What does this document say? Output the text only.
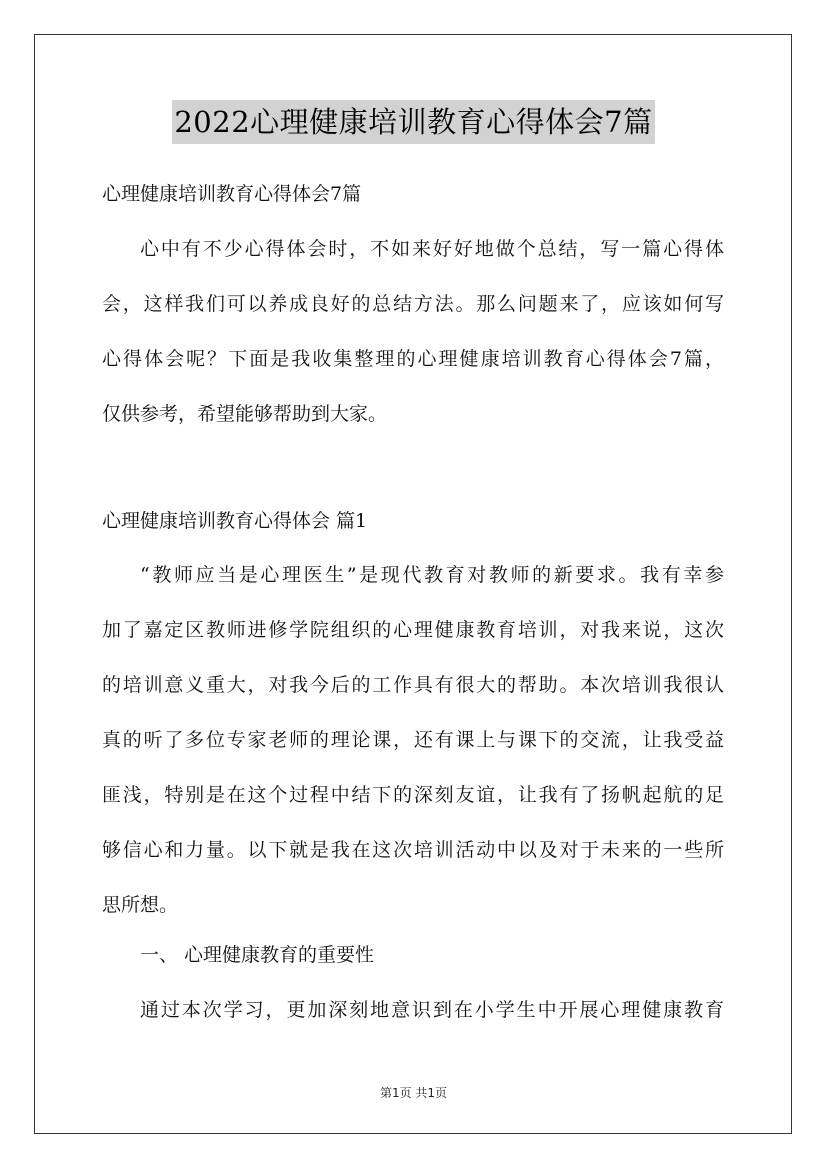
2022心理健康培训教育心得体会7篇
心理健康培训教育心得体会7篇
心中有不少心得体会时，不如来好好地做个总结，写一篇心得体
会，这样我们可以养成良好的总结方法。那么问题来了，应该如何写
心得体会呢？下面是我收集整理的心理健康培训教育心得体会7篇，
仅供参考，希望能够帮助到大家。
心理健康培训教育心得体会 篇1
“教师应当是心理医生”是现代教育对教师的新要求。我有幸参
加了嘉定区教师进修学院组织的心理健康教育培训，对我来说，这次
的培训意义重大，对我今后的工作具有很大的帮助。本次培训我很认
真的听了多位专家老师的理论课，还有课上与课下的交流，让我受益
匪浅，特别是在这个过程中结下的深刻友谊，让我有了扬帆起航的足
够信心和力量。以下就是我在这次培训活动中以及对于未来的一些所
思所想。
一、 心理健康教育的重要性
通过本次学习，更加深刻地意识到在小学生中开展心理健康教育
第1页 共1页
